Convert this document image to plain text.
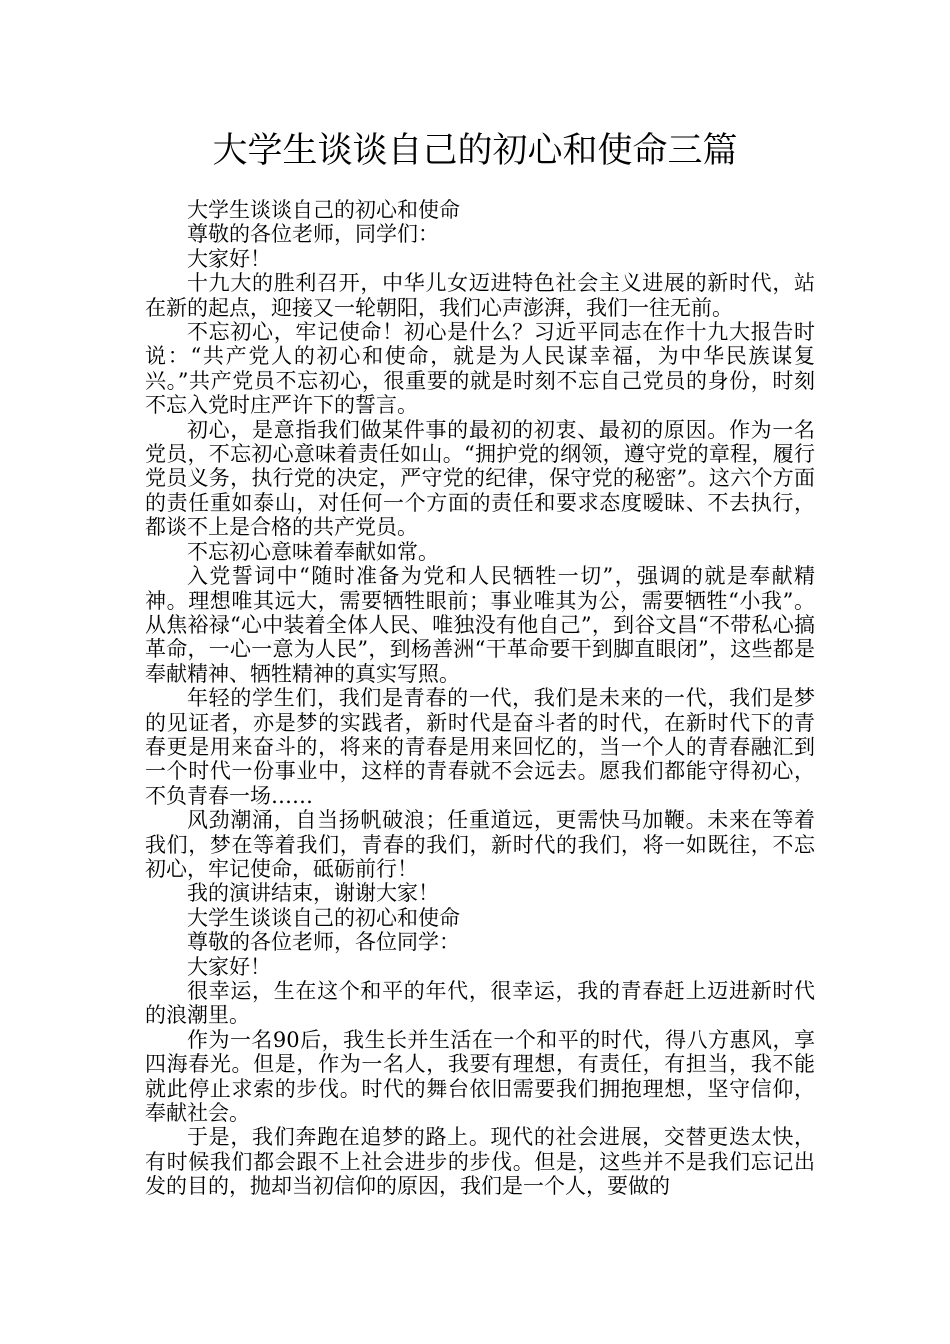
大学生谈谈自己的初心和使命三篇

大学生谈谈自己的初心和使命

尊敬的各位老师，同学们：

大家好！

十九大的胜利召开，中华儿女迈进特色社会主义进展的新时代，站在新的起点，迎接又一轮朝阳，我们心声澎湃，我们一往无前。

不忘初心，牢记使命！初心是什么？习近平同志在作十九大报告时说：“共产党人的初心和使命，就是为人民谋幸福，为中华民族谋复兴。”共产党员不忘初心，很重要的就是时刻不忘自己党员的身份，时刻不忘入党时庄严许下的誓言。

初心，是意指我们做某件事的最初的初衷、最初的原因。作为一名党员，不忘初心意味着责任如山。“拥护党的纲领，遵守党的章程，履行党员义务，执行党的决定，严守党的纪律，保守党的秘密”。这六个方面的责任重如泰山，对任何一个方面的责任和要求态度暧昧、不去执行，都谈不上是合格的共产党员。

不忘初心意味着奉献如常。

入党誓词中“随时准备为党和人民牺牲一切”，强调的就是奉献精神。理想唯其远大，需要牺牲眼前；事业唯其为公，需要牺牲“小我”。从焦裕禄“心中装着全体人民、唯独没有他自己”，到谷文昌“不带私心搞革命，一心一意为人民”，到杨善洲“干革命要干到脚直眼闭”，这些都是奉献精神、牺牲精神的真实写照。

年轻的学生们，我们是青春的一代，我们是未来的一代，我们是梦的见证者，亦是梦的实践者，新时代是奋斗者的时代，在新时代下的青春更是用来奋斗的，将来的青春是用来回忆的，当一个人的青春融汇到一个时代一份事业中，这样的青春就不会远去。愿我们都能守得初心，不负青春一场……

风劲潮涌，自当扬帆破浪；任重道远，更需快马加鞭。未来在等着我们，梦在等着我们，青春的我们，新时代的我们，将一如既往，不忘初心，牢记使命，砥砺前行！

我的演讲结束，谢谢大家！

大学生谈谈自己的初心和使命

尊敬的各位老师，各位同学：

大家好！

很幸运，生在这个和平的年代，很幸运，我的青春赶上迈进新时代的浪潮里。

作为一名90后，我生长并生活在一个和平的时代，得八方惠风，享四海春光。但是，作为一名人，我要有理想，有责任，有担当，我不能就此停止求索的步伐。时代的舞台依旧需要我们拥抱理想，坚守信仰，奉献社会。

于是，我们奔跑在追梦的路上。现代的社会进展，交替更迭太快，有时候我们都会跟不上社会进步的步伐。但是，这些并不是我们忘记出发的目的，抛却当初信仰的原因，我们是一个人，要做的
